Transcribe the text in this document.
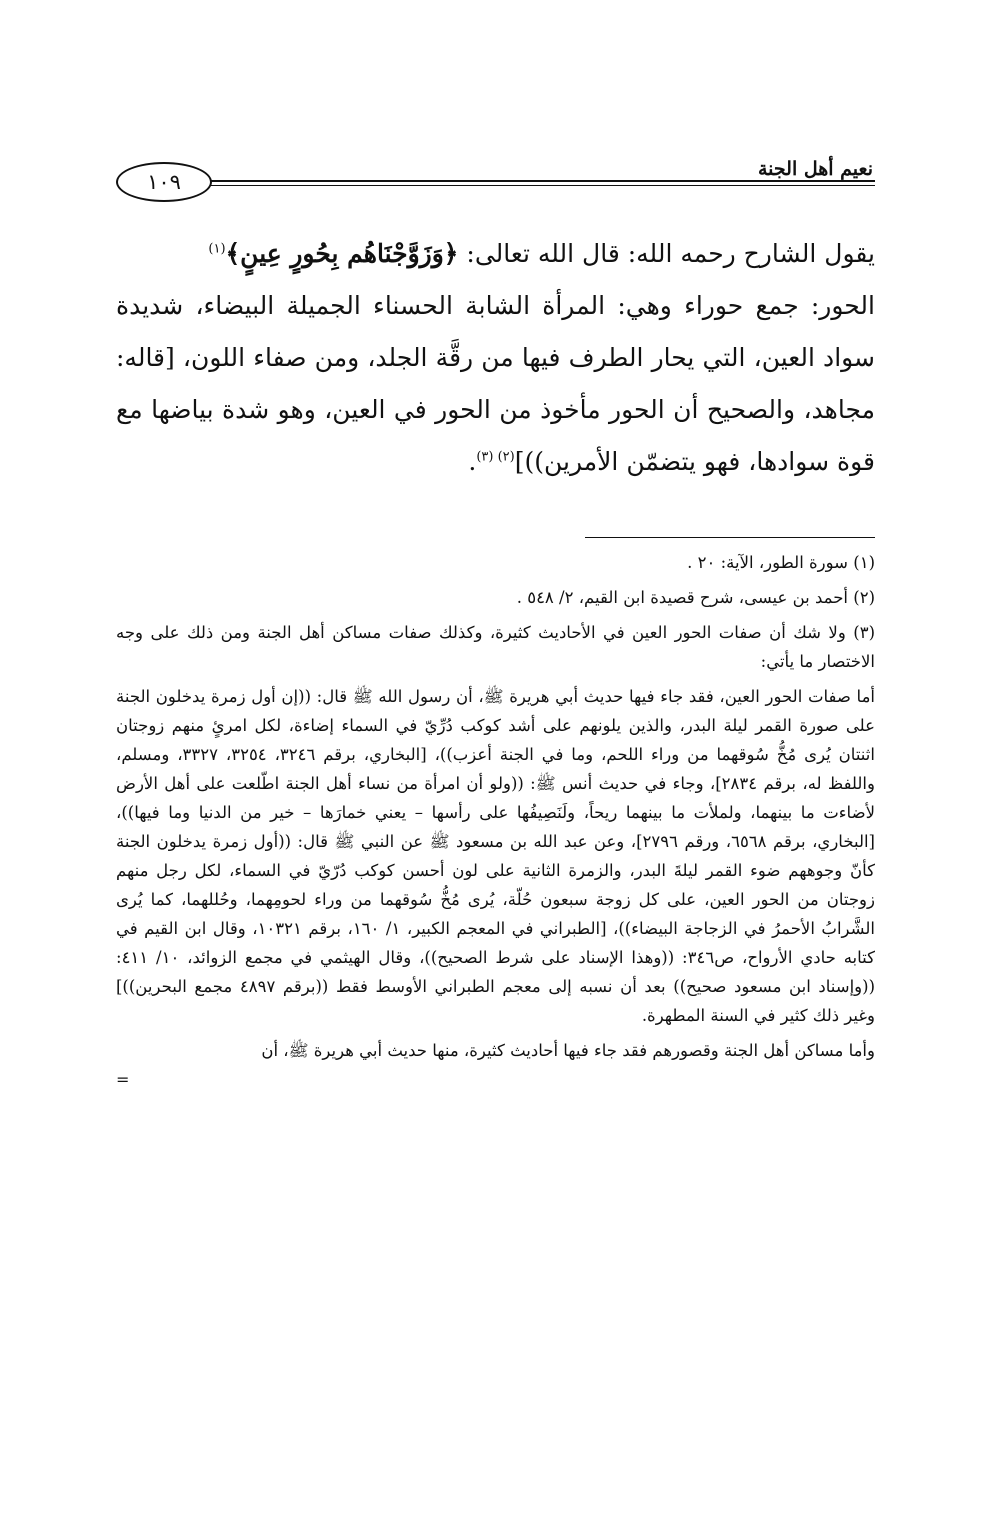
نعيم أهل الجنة
١٠٩
يقول الشارح رحمه الله: قال الله تعالى: ﴿وَزَوَّجْنَاهُم بِحُورٍ عِينٍ﴾$^{(١)}$
الحور: جمع حوراء وهي: المرأة الشابة الحسناء الجميلة البيضاء، شديدة سواد العين، التي يحار الطرف فيها من رقَّة الجلد، ومن صفاء اللون، [قاله: مجاهد، والصحيح أن الحور مأخوذ من الحور في العين، وهو شدة بياضها مع قوة سوادها، فهو يتضمّن الأمرين))]$^{(٢) (٣)}$.

(١) سورة الطور، الآية: ٢٠ .

(٢) أحمد بن عيسى، شرح قصيدة ابن القيم، ٢/ ٥٤٨ .

(٣) ولا شك أن صفات الحور العين في الأحاديث كثيرة، وكذلك صفات مساكن أهل الجنة ومن ذلك على وجه الاختصار ما يأتي:

أما صفات الحور العين، فقد جاء فيها حديث أبي هريرة ﷺ، أن رسول الله ﷺ قال: ((إن أول زمرة يدخلون الجنة على صورة القمر ليلة البدر، والذين يلونهم على أشد كوكب دُرِّيّ في السماء إضاءة، لكل امرئٍ منهم زوجتان اثنتان يُرى مُخُّ سُوقهما من وراء اللحم، وما في الجنة أعزب))، [البخاري، برقم ٣٢٤٦، ٣٢٥٤، ٣٣٢٧، ومسلم، واللفظ له، برقم ٢٨٣٤]، وجاء في حديث أنس ﷺ: ((ولو أن امرأة من نساء أهل الجنة اطّلعت على أهل الأرض لأضاءت ما بينهما، ولملأت ما بينهما ريحاً، ولَنَصِيفُها على رأسها – يعني خمارَها – خير من الدنيا وما فيها))، [البخاري، برقم ٦٥٦٨، ورقم ٢٧٩٦]، وعن عبد الله بن مسعود ﷺ عن النبي ﷺ قال: ((أول زمرة يدخلون الجنة كأنّ وجوههم ضوء القمر ليلةَ البدر، والزمرة الثانية على لون أحسن كوكب دُرّيّ في السماء، لكل رجل منهم زوجتان من الحور العين، على كل زوجة سبعون حُلّة، يُرى مُخُّ سُوقهما من وراء لحومِهما، وحُللهما، كما يُرى الشَّرابُ الأحمرُ في الزجاجة البيضاء))، [الطبراني في المعجم الكبير، ١/ ١٦٠، برقم ١٠٣٢١، وقال ابن القيم في كتابه حادي الأرواح، ص٣٤٦: ((وهذا الإسناد على شرط الصحيح))، وقال الهيثمي في مجمع الزوائد، ١٠/ ٤١١: ((وإسناد ابن مسعود صحيح)) بعد أن نسبه إلى معجم الطبراني الأوسط فقط ((برقم ٤٨٩٧ مجمع البحرين))] وغير ذلك كثير في السنة المطهرة.

وأما مساكن أهل الجنة وقصورهم فقد جاء فيها أحاديث كثيرة، منها حديث أبي هريرة ﷺ، أن

=
